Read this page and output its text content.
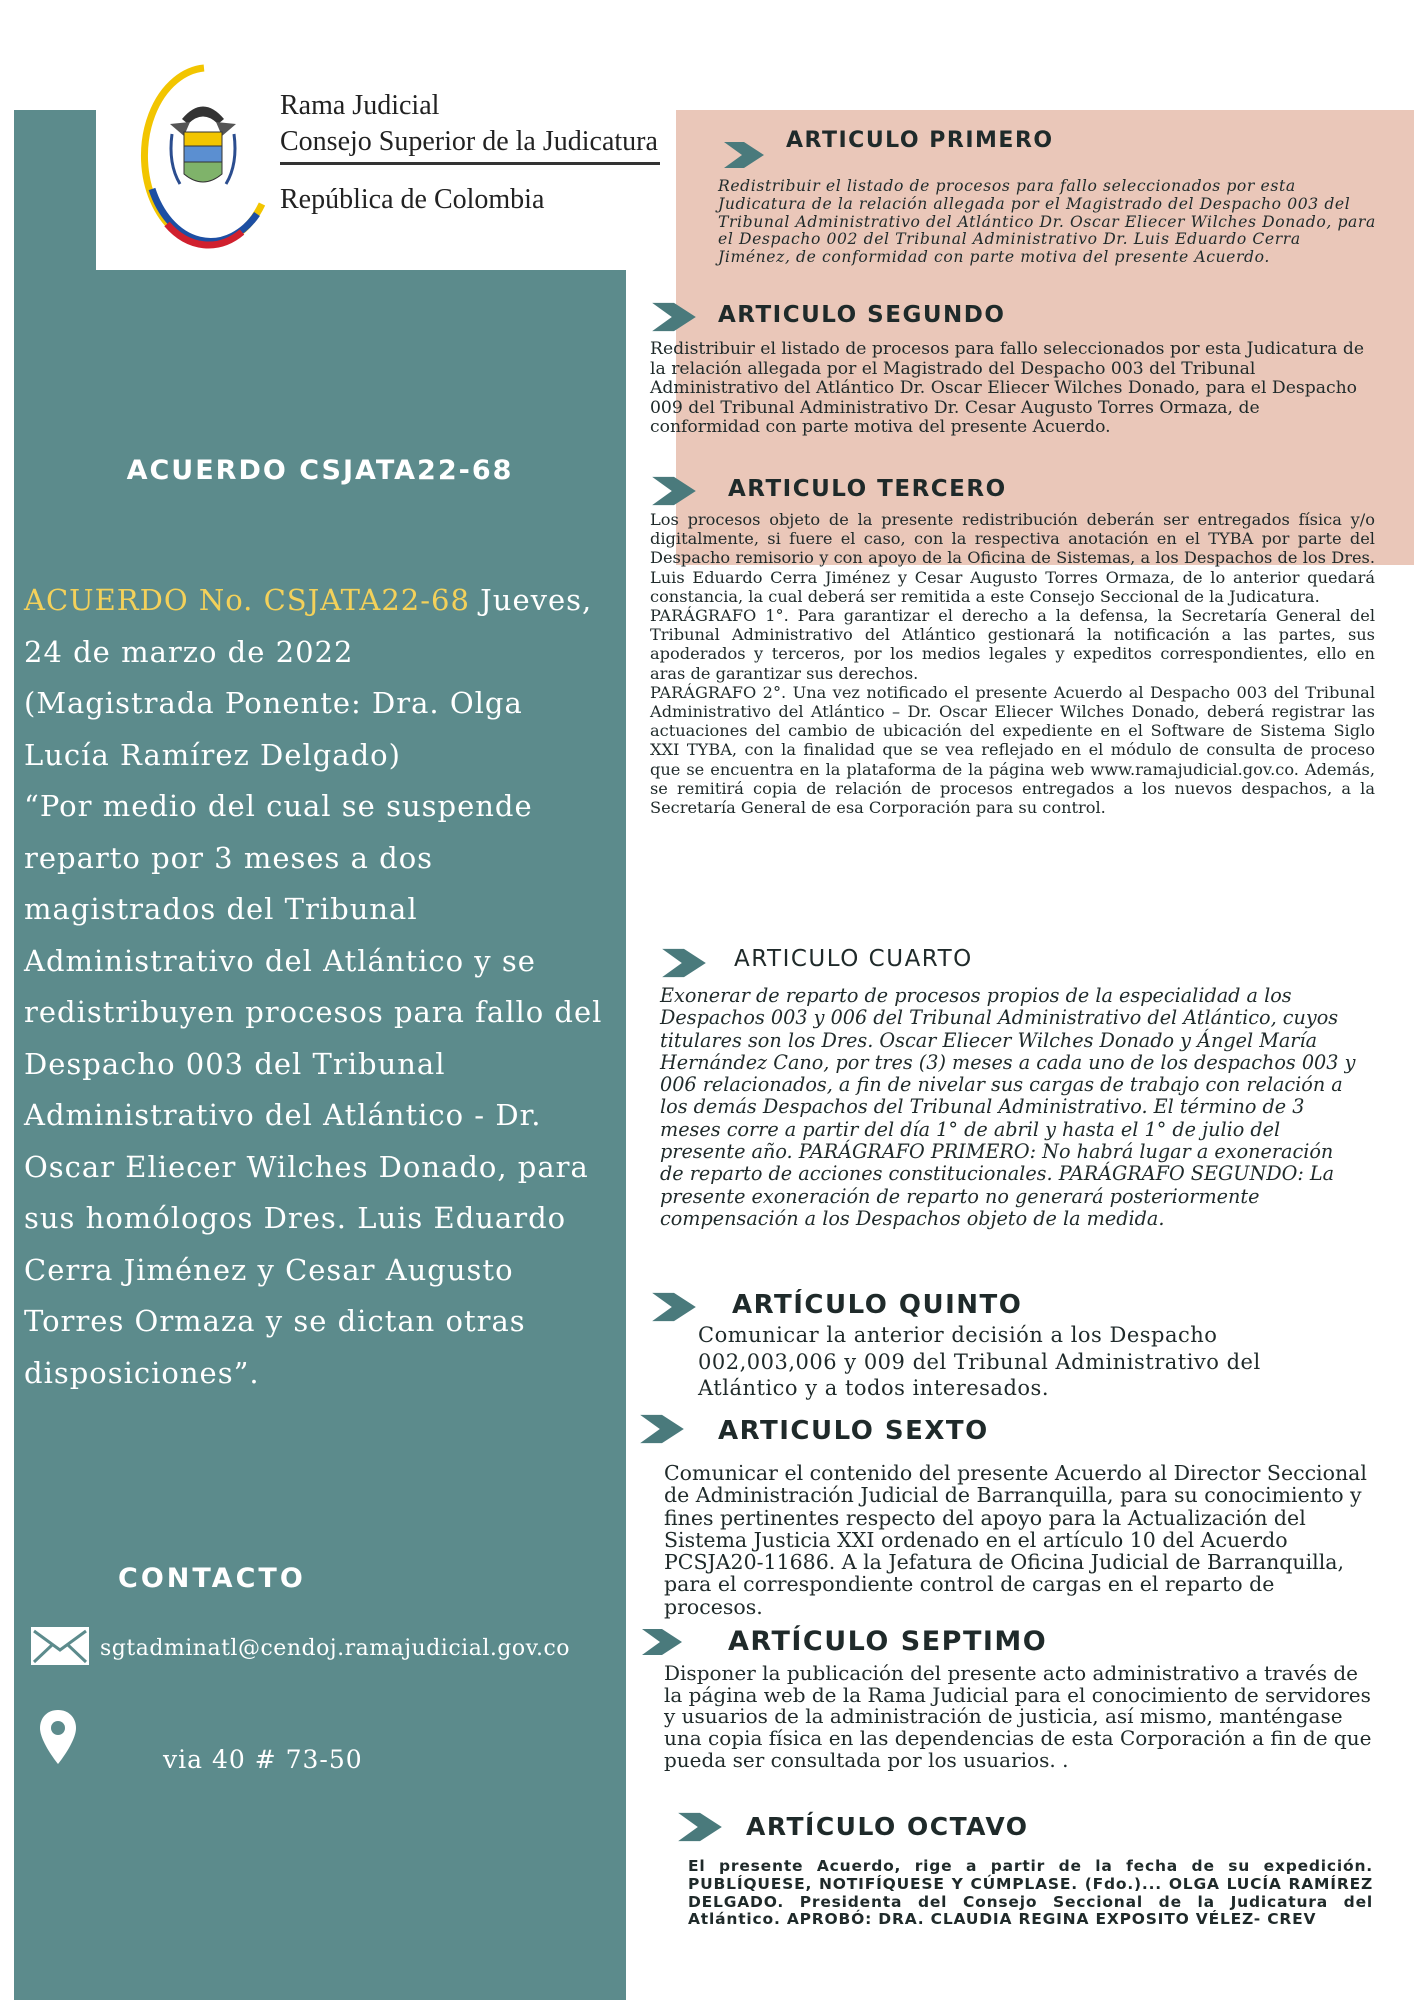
Rama Judicial
Consejo Superior de la Judicatura
República de Colombia
ACUERDO CSJATA22-68
ACUERDO No. CSJATA22-68 Jueves, 24 de marzo de 2022
(Magistrada Ponente: Dra. Olga Lucía Ramírez Delgado)
“Por medio del cual se suspende reparto por 3 meses a dos magistrados del Tribunal Administrativo del Atlántico y se redistribuyen procesos para fallo del Despacho 003 del Tribunal Administrativo del Atlántico - Dr. Oscar Eliecer Wilches Donado, para sus homólogos Dres. Luis Eduardo Cerra Jiménez y Cesar Augusto Torres Ormaza y se dictan otras disposiciones”.
CONTACTO
sgtadminatl@cendoj.ramajudicial.gov.co
via 40 # 73-50
ARTICULO PRIMERO
ARTICULO SEGUNDO
ARTICULO TERCERO
ARTICULO CUARTO
ARTÍCULO QUINTO
ARTICULO SEXTO
ARTÍCULO SEPTIMO
ARTÍCULO OCTAVO
Redistribuir el listado de procesos para fallo seleccionados por esta Judicatura de la relación allegada por el Magistrado del Despacho 003 del Tribunal Administrativo del Atlántico Dr. Oscar Eliecer Wilches Donado, para el Despacho 002 del Tribunal Administrativo Dr. Luis Eduardo Cerra Jiménez, de conformidad con parte motiva del presente Acuerdo.
Redistribuir el listado de procesos para fallo seleccionados por esta Judicatura de la relación allegada por el Magistrado del Despacho 003 del Tribunal Administrativo del Atlántico Dr. Oscar Eliecer Wilches Donado, para el Despacho 009 del Tribunal Administrativo Dr. Cesar Augusto Torres Ormaza, de conformidad con parte motiva del presente Acuerdo.
Los procesos objeto de la presente redistribución deberán ser entregados física y/o digitalmente, si fuere el caso, con la respectiva anotación en el TYBA por parte del Despacho remisorio y con apoyo de la Oficina de Sistemas, a los Despachos de los Dres. Luis Eduardo Cerra Jiménez y Cesar Augusto Torres Ormaza, de lo anterior quedará constancia, la cual deberá ser remitida a este Consejo Seccional de la Judicatura.
PARÁGRAFO 1°. Para garantizar el derecho a la defensa, la Secretaría General del Tribunal Administrativo del Atlántico gestionará la notificación a las partes, sus apoderados y terceros, por los medios legales y expeditos correspondientes, ello en aras de garantizar sus derechos.
PARÁGRAFO 2°. Una vez notificado el presente Acuerdo al Despacho 003 del Tribunal Administrativo del Atlántico – Dr. Oscar Eliecer Wilches Donado, deberá registrar las actuaciones del cambio de ubicación del expediente en el Software de Sistema Siglo XXI TYBA, con la finalidad que se vea reflejado en el módulo de consulta de proceso que se encuentra en la plataforma de la página web www.ramajudicial.gov.co. Además, se remitirá copia de relación de procesos entregados a los nuevos despachos, a la Secretaría General de esa Corporación para su control.
Exonerar de reparto de procesos propios de la especialidad a los Despachos 003 y 006 del Tribunal Administrativo del Atlántico, cuyos titulares son los Dres. Oscar Eliecer Wilches Donado y Ángel María Hernández Cano, por tres (3) meses a cada uno de los despachos 003 y 006 relacionados, a fin de nivelar sus cargas de trabajo con relación a los demás Despachos del Tribunal Administrativo. El término de 3 meses corre a partir del día 1° de abril y hasta el 1° de julio del presente año. PARÁGRAFO PRIMERO: No habrá lugar a exoneración de reparto de acciones constitucionales. PARÁGRAFO SEGUNDO: La presente exoneración de reparto no generará posteriormente compensación a los Despachos objeto de la medida.
Comunicar la anterior decisión a los Despacho 002,003,006 y 009 del Tribunal Administrativo del Atlántico y a todos interesados.
Comunicar el contenido del presente Acuerdo al Director Seccional de Administración Judicial de Barranquilla, para su conocimiento y fines pertinentes respecto del apoyo para la Actualización del Sistema Justicia XXI ordenado en el artículo 10 del Acuerdo PCSJA20-11686. A la Jefatura de Oficina Judicial de Barranquilla, para el correspondiente control de cargas en el reparto de procesos.
Disponer la publicación del presente acto administrativo a través de la página web de la Rama Judicial para el conocimiento de servidores y usuarios de la administración de justicia, así mismo, manténgase una copia física en las dependencias de esta Corporación a fin de que pueda ser consultada por los usuarios. .
El presente Acuerdo, rige a partir de la fecha de su expedición. PUBLÍQUESE, NOTIFÍQUESE Y CÚMPLASE. (Fdo.)... OLGA LUCÍA RAMÍREZ DELGADO. Presidenta del Consejo Seccional de la Judicatura del Atlántico. APROBÓ: DRA. CLAUDIA REGINA EXPOSITO VÉLEZ- CREV
